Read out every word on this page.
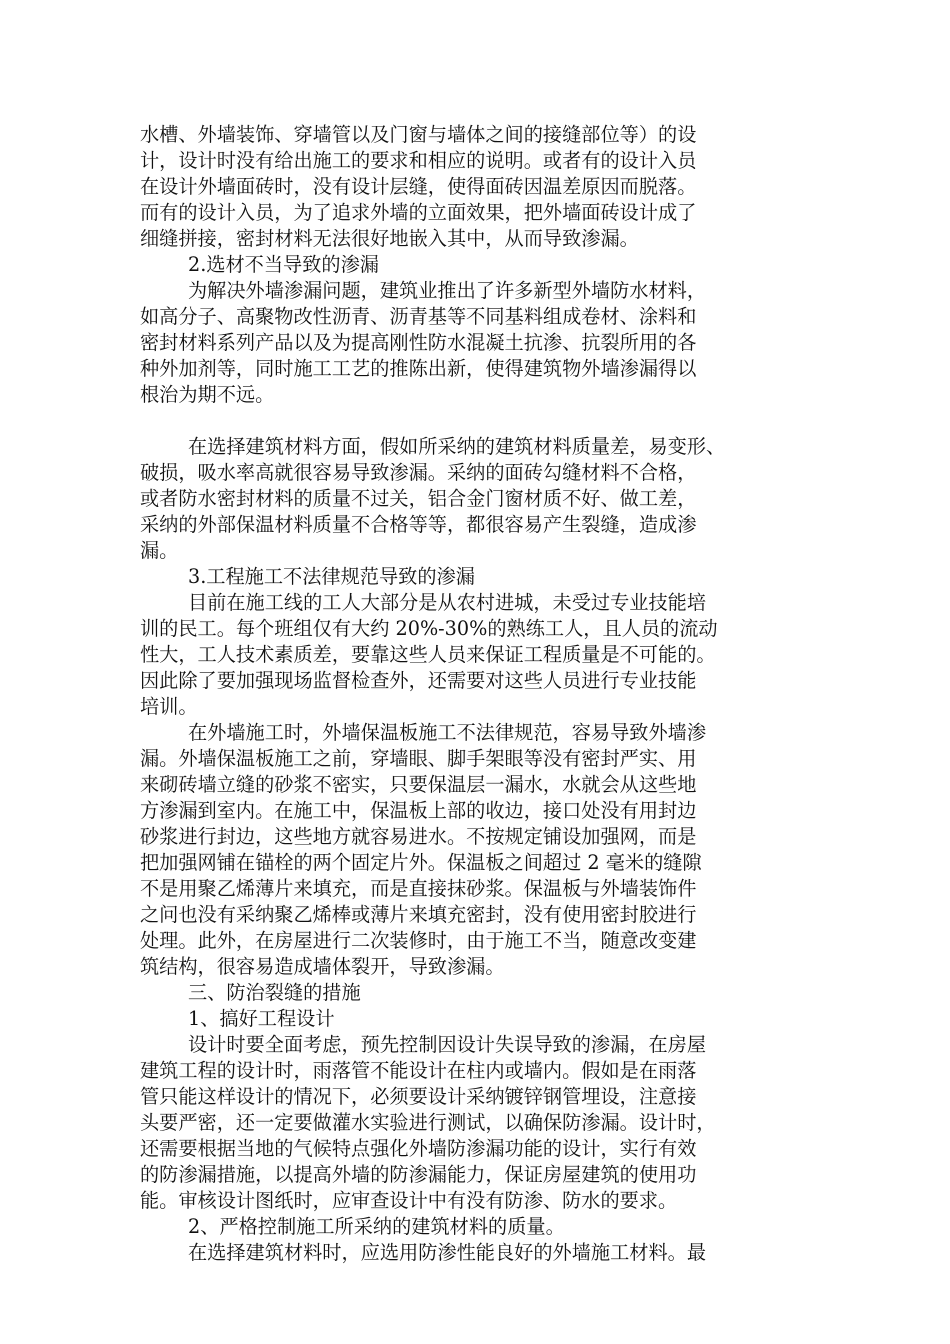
水槽、外墙装饰、穿墙管以及门窗与墙体之间的接缝部位等）的设
计，设计时没有给出施工的要求和相应的说明。或者有的设计入员
在设计外墙面砖时，没有设计层缝，使得面砖因温差原因而脱落。
而有的设计入员，为了追求外墙的立面效果，把外墙面砖设计成了
细缝拼接，密封材料无法很好地嵌入其中，从而导致渗漏。
2.选材不当导致的渗漏
为解决外墙渗漏问题，建筑业推出了许多新型外墙防水材料，
如高分子、高聚物改性沥青、沥青基等不同基料组成卷材、涂料和
密封材料系列产品以及为提高刚性防水混凝土抗渗、抗裂所用的各
种外加剂等，同时施工工艺的推陈出新，使得建筑物外墙渗漏得以
根治为期不远。
在选择建筑材料方面，假如所采纳的建筑材料质量差，易变形、
破损，吸水率高就很容易导致渗漏。采纳的面砖勾缝材料不合格，
或者防水密封材料的质量不过关，铝合金门窗材质不好、做工差，
采纳的外部保温材料质量不合格等等，都很容易产生裂缝，造成渗
漏。
3.工程施工不法律规范导致的渗漏
目前在施工线的工人大部分是从农村进城，未受过专业技能培
训的民工。每个班组仅有大约 20%-30%的熟练工人，且人员的流动
性大，工人技术素质差，要靠这些人员来保证工程质量是不可能的。
因此除了要加强现场监督检查外，还需要对这些人员进行专业技能
培训。
在外墙施工时，外墙保温板施工不法律规范，容易导致外墙渗
漏。外墙保温板施工之前，穿墙眼、脚手架眼等没有密封严实、用
来砌砖墙立缝的砂浆不密实，只要保温层一漏水，水就会从这些地
方渗漏到室内。在施工中，保温板上部的收边，接口处没有用封边
砂浆进行封边，这些地方就容易进水。不按规定铺设加强网，而是
把加强网铺在锚栓的两个固定片外。保温板之间超过 2 毫米的缝隙
不是用聚乙烯薄片来填充，而是直接抹砂浆。保温板与外墙装饰件
之问也没有采纳聚乙烯棒或薄片来填充密封，没有使用密封胶进行
处理。此外，在房屋进行二次装修时，由于施工不当，随意改变建
筑结构，很容易造成墙体裂开，导致渗漏。
三、防治裂缝的措施
1、搞好工程设计
设计时要全面考虑，预先控制因设计失误导致的渗漏，在房屋
建筑工程的设计时，雨落管不能设计在柱内或墙内。假如是在雨落
管只能这样设计的情况下，必须要设计采纳镀锌钢管埋设，注意接
头要严密，还一定要做灌水实验进行测试，以确保防渗漏。设计时，
还需要根据当地的气候特点强化外墙防渗漏功能的设计，实行有效
的防渗漏措施，以提高外墙的防渗漏能力，保证房屋建筑的使用功
能。审核设计图纸时，应审查设计中有没有防渗、防水的要求。
2、严格控制施工所采纳的建筑材料的质量。
在选择建筑材料时，应选用防渗性能良好的外墙施工材料。最
